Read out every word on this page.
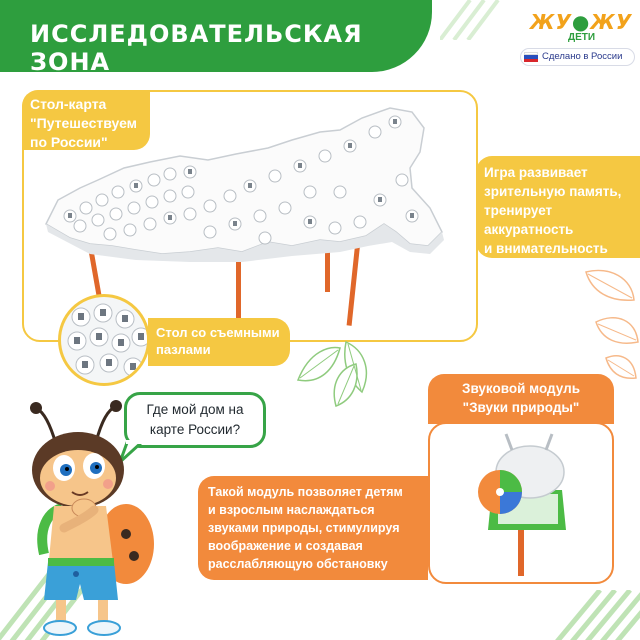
ИССЛЕДОВАТЕЛЬСКАЯ ЗОНА
ЖУ●ЖУ
ДЕТИ
Сделано в России
Стол-карта
"Путешествуем
по России"
Игра развивает
зрительную память,
тренирует
аккуратность
и внимательность
Стол со съемными
пазлами
Звуковой модуль
"Звуки природы"
Такой модуль позволяет детям
и взрослым наслаждаться
звуками природы, стимулируя
воображение и создавая
расслабляющую обстановку
Где мой дом на
карте России?
